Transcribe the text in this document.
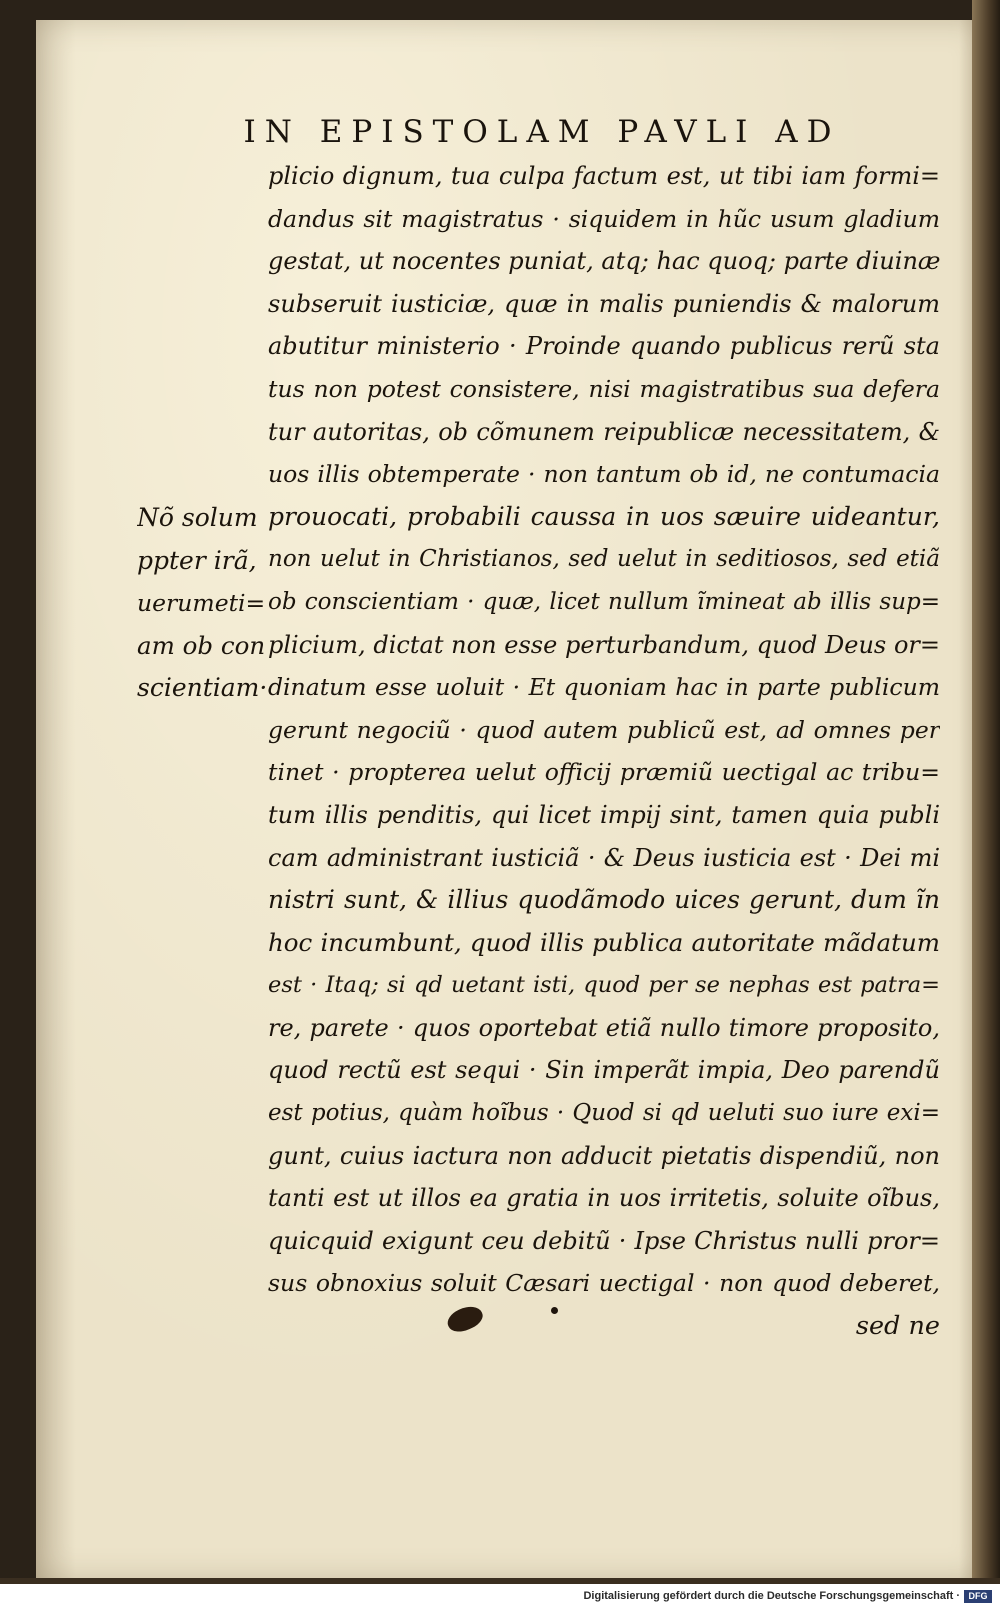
IN EPISTOLAM PAVLI AD
plicio dignum, tua culpa factum est, ut tibi iam formi=
dandus sit magistratus · siquidem in hũc usum gladium
gestat, ut nocentes puniat, atq; hac quoq; parte diuinæ
subseruit iusticiæ, quæ in malis puniendis & malorum
abutitur ministerio · Proinde quando publicus rerũ sta
tus non potest consistere, nisi magistratibus sua defera
tur autoritas, ob cõmunem reipublicæ necessitatem, &
uos illis obtemperate · non tantum ob id, ne contumacia
prouocati, probabili caussa in uos sæuire uideantur,
non uelut in Christianos, sed uelut in seditiosos, sed etiã
ob conscientiam · quæ, licet nullum ĩmineat ab illis sup=
plicium, dictat non esse perturbandum, quod Deus or=
dinatum esse uoluit · Et quoniam hac in parte publicum
gerunt negociũ · quod autem publicũ est, ad omnes per
tinet · propterea uelut officij præmiũ uectigal ac tribu=
tum illis penditis, qui licet impij sint, tamen quia publi
cam administrant iusticiã · & Deus iusticia est · Dei mi
nistri sunt, & illius quodãmodo uices gerunt, dum ĩn
hoc incumbunt, quod illis publica autoritate mãdatum
est · Itaq; si qd uetant isti, quod per se nephas est patra=
re, parete · quos oportebat etiã nullo timore proposito,
quod rectũ est sequi · Sin imperãt impia, Deo parendũ
est potius, quàm hoĩbus · Quod si qd ueluti suo iure exi=
gunt, cuius iactura non adducit pietatis dispendiũ, non
tanti est ut illos ea gratia in uos irritetis, soluite oĩbus,
quicquid exigunt ceu debitũ · Ipse Christus nulli pror=
sus obnoxius soluit Cæsari uectigal · non quod deberet,
sed ne
Nõ solum
ppter irã,
uerumeti=
am ob con
scientiam·
Digitalisierung gefördert durch die Deutsche Forschungsgemeinschaft · DFG
